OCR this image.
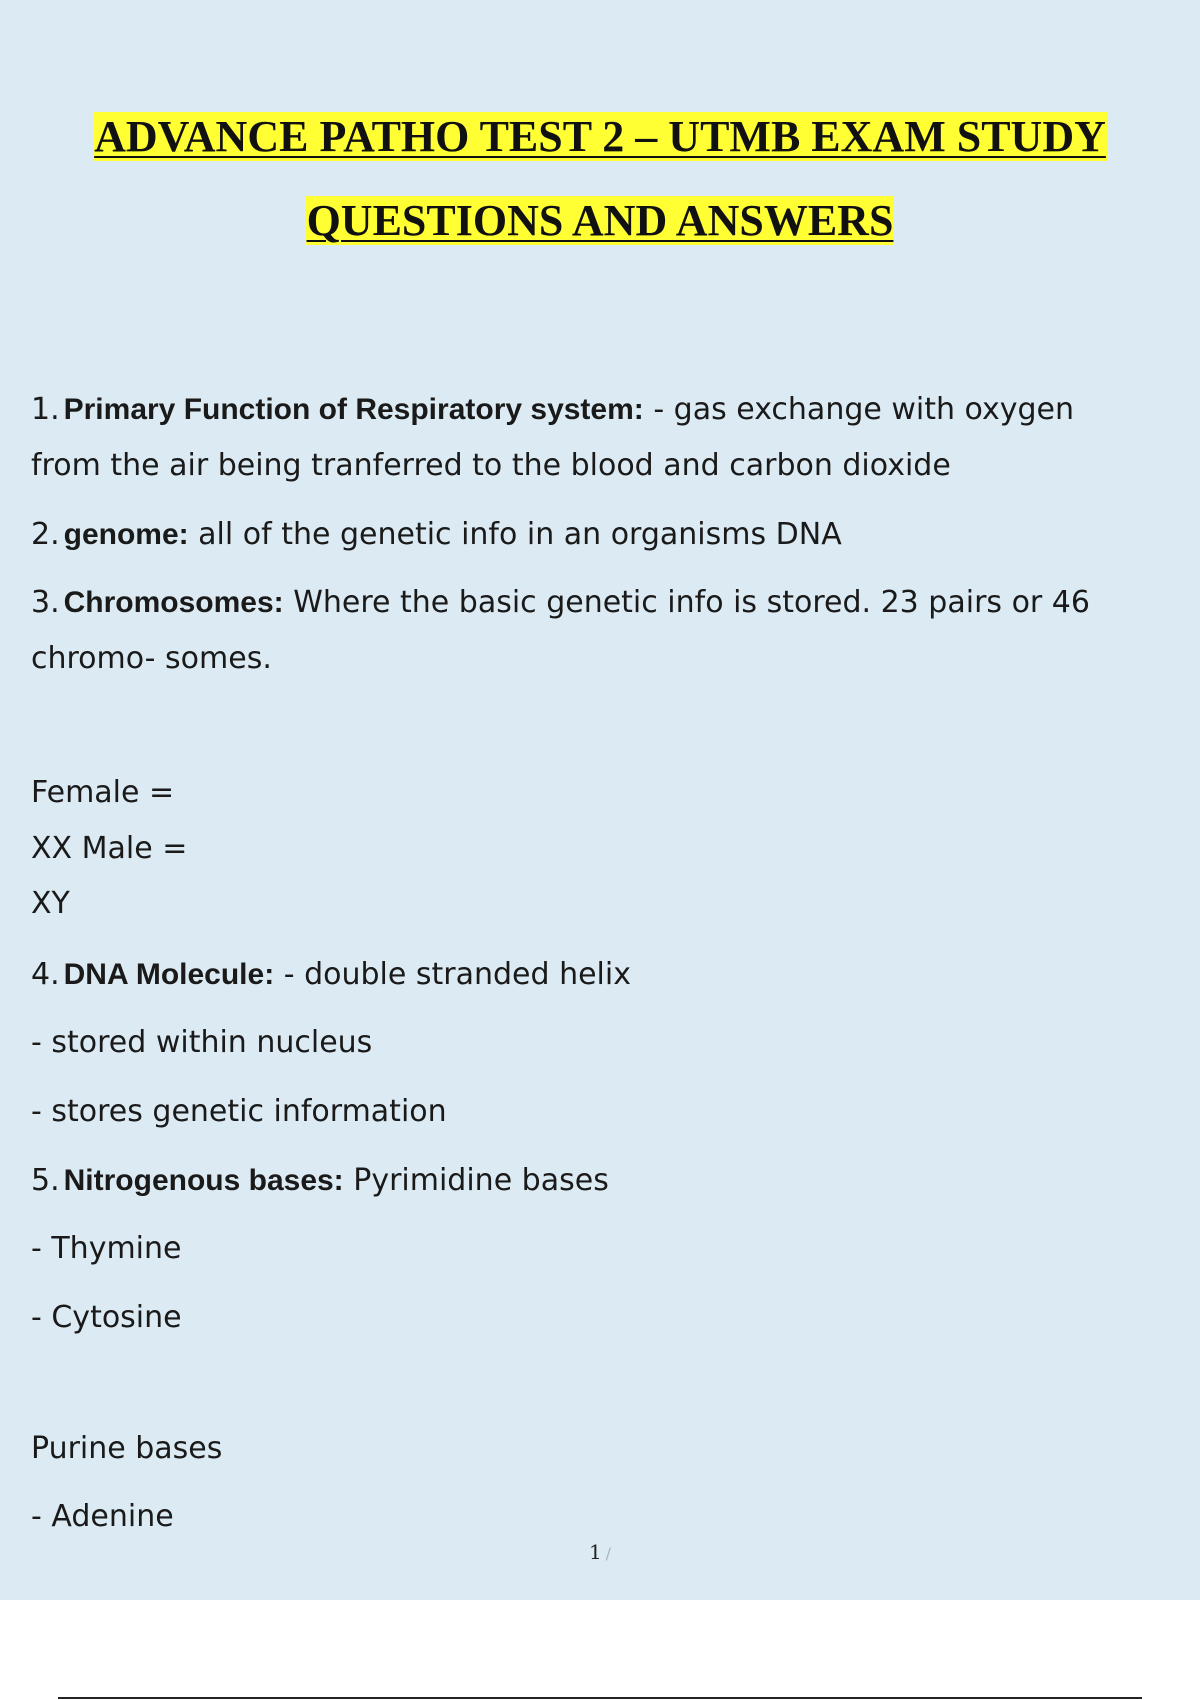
ADVANCE PATHO TEST 2 – UTMB EXAM STUDY
QUESTIONS AND ANSWERS
1. Primary Function of Respiratory system: - gas exchange with oxygen
from the air being tranferred to the blood and carbon dioxide
2. genome: all of the genetic info in an organisms DNA
3. Chromosomes: Where the basic genetic info is stored. 23 pairs or 46
chromo- somes.
Female =
XX Male =
XY
4. DNA Molecule: - double stranded helix
- stored within nucleus
- stores genetic information
5. Nitrogenous bases: Pyrimidine bases
- Thymine
- Cytosine
Purine bases
- Adenine
1 /
